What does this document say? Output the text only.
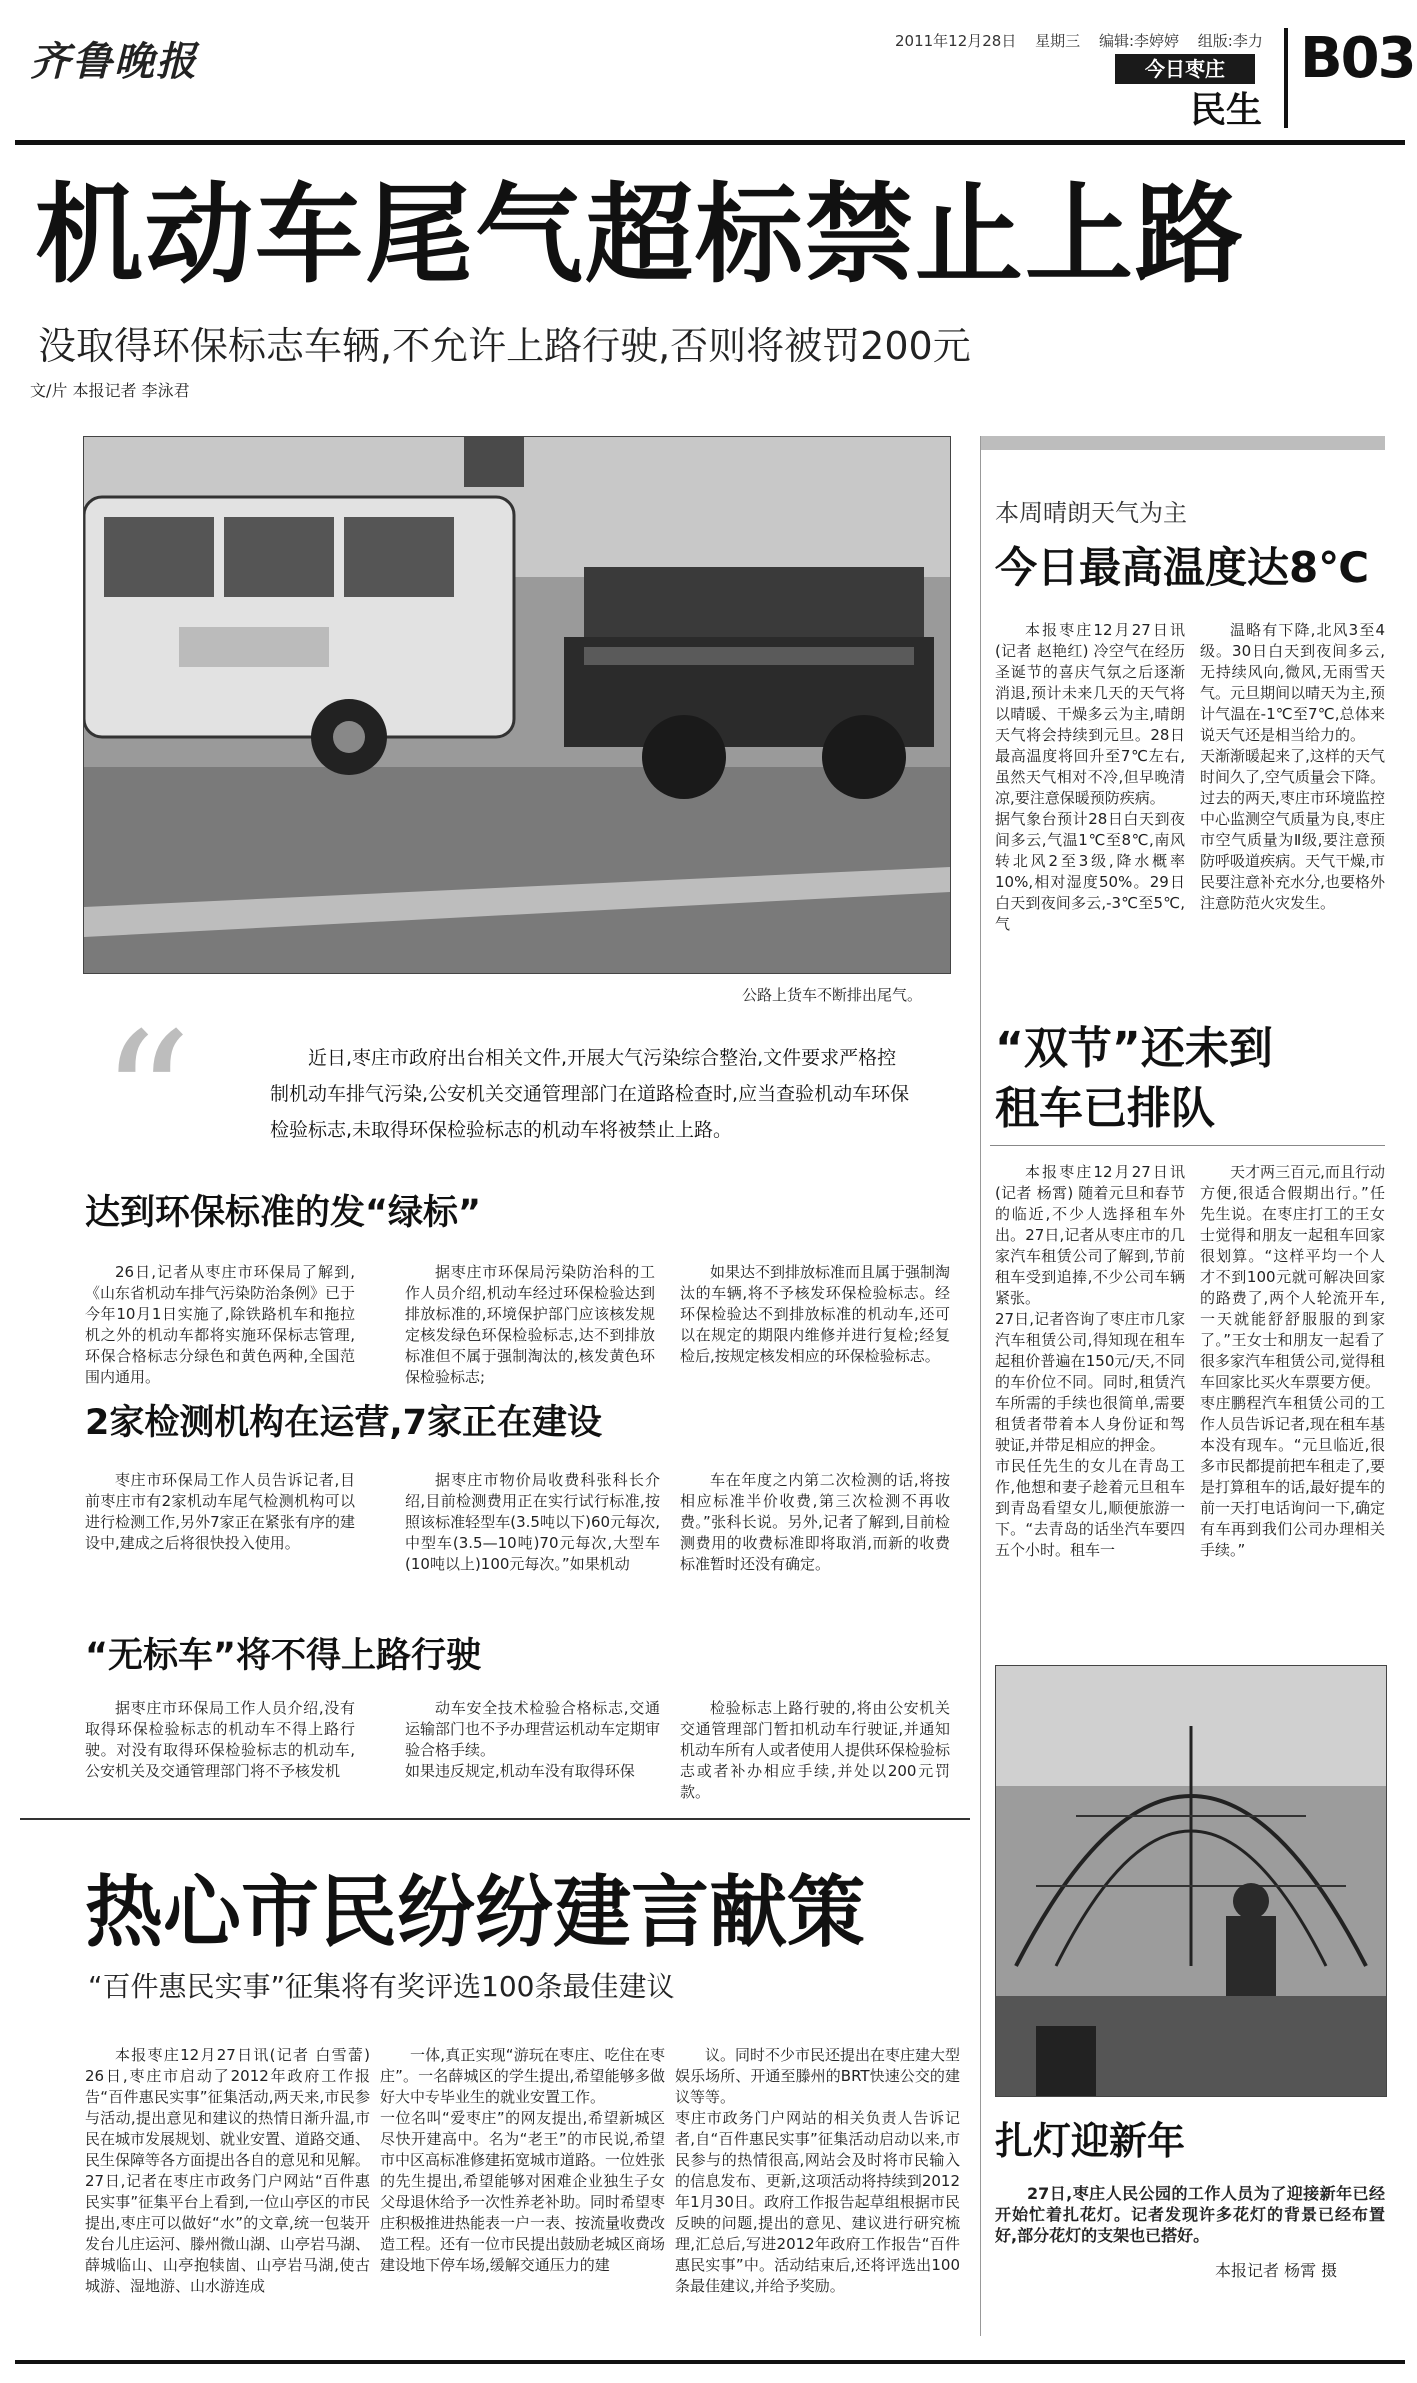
齐鲁晚报	2011年12月28日 星期三 编辑:李婷婷 组版:李力
今日枣庄
民生
B03
机动车尾气超标禁止上路
没取得环保标志车辆,不允许上路行驶,否则将被罚200元
文/片 本报记者 李泳君
公路上货车不断排出尾气。
“	近日,枣庄市政府出台相关文件,开展大气污染综合整治,文件要求严格控制机动车排气污染,公安机关交通管理部门在道路检查时,应当查验机动车环保检验标志,未取得环保检验标志的机动车将被禁止上路。
达到环保标准的发“绿标”
26日,记者从枣庄市环保局了解到,《山东省机动车排气污染防治条例》已于今年10月1日实施了,除铁路机车和拖拉机之外的机动车都将实施环保标志管理,环保合格标志分绿色和黄色两种,全国范围内通用。
据枣庄市环保局污染防治科的工作人员介绍,机动车经过环保检验达到排放标准的,环境保护部门应该核发规定核发绿色环保检验标志,达不到排放标准但不属于强制淘汰的,核发黄色环保检验标志;
如果达不到排放标准而且属于强制淘汰的车辆,将不予核发环保检验标志。经环保检验达不到排放标准的机动车,还可以在规定的期限内维修并进行复检;经复检后,按规定核发相应的环保检验标志。
2家检测机构在运营,7家正在建设
枣庄市环保局工作人员告诉记者,目前枣庄市有2家机动车尾气检测机构可以进行检测工作,另外7家正在紧张有序的建设中,建成之后将很快投入使用。
据枣庄市物价局收费科张科长介绍,目前检测费用正在实行试行标准,按照该标准轻型车(3.5吨以下)60元每次,中型车(3.5—10吨)70元每次,大型车(10吨以上)100元每次。”如果机动
车在年度之内第二次检测的话,将按相应标准半价收费,第三次检测不再收费。”张科长说。另外,记者了解到,目前检测费用的收费标准即将取消,而新的收费标准暂时还没有确定。
“无标车”将不得上路行驶
据枣庄市环保局工作人员介绍,没有取得环保检验标志的机动车不得上路行驶。对没有取得环保检验标志的机动车,公安机关及交通管理部门将不予核发机
动车安全技术检验合格标志,交通运输部门也不予办理营运机动车定期审验合格手续。
如果违反规定,机动车没有取得环保
检验标志上路行驶的,将由公安机关交通管理部门暂扣机动车行驶证,并通知机动车所有人或者使用人提供环保检验标志或者补办相应手续,并处以200元罚款。
本周晴朗天气为主
今日最高温度达8℃
本报枣庄12月27日讯(记者 赵艳红) 冷空气在经历圣诞节的喜庆气氛之后逐渐消退,预计未来几天的天气将以晴暖、干燥多云为主,晴朗天气将会持续到元旦。28日最高温度将回升至7℃左右,虽然天气相对不冷,但早晚清凉,要注意保暖预防疾病。
据气象台预计28日白天到夜间多云,气温1℃至8℃,南风转北风2至3级,降水概率10%,相对湿度50%。29日白天到夜间多云,-3℃至5℃,气
温略有下降,北风3至4级。30日白天到夜间多云,无持续风向,微风,无雨雪天气。元旦期间以晴天为主,预计气温在-1℃至7℃,总体来说天气还是相当给力的。
天渐渐暖起来了,这样的天气时间久了,空气质量会下降。过去的两天,枣庄市环境监控中心监测空气质量为良,枣庄市空气质量为Ⅱ级,要注意预防呼吸道疾病。天气干燥,市民要注意补充水分,也要格外注意防范火灾发生。
“双节”还未到
租车已排队
本报枣庄12月27日讯(记者 杨霄) 随着元旦和春节的临近,不少人选择租车外出。27日,记者从枣庄市的几家汽车租赁公司了解到,节前租车受到追捧,不少公司车辆紧张。
27日,记者咨询了枣庄市几家汽车租赁公司,得知现在租车起租价普遍在150元/天,不同的车价位不同。同时,租赁汽车所需的手续也很简单,需要租赁者带着本人身份证和驾驶证,并带足相应的押金。
市民任先生的女儿在青岛工作,他想和妻子趁着元旦租车到青岛看望女儿,顺便旅游一下。“去青岛的话坐汽车要四五个小时。租车一
天才两三百元,而且行动方便,很适合假期出行。”任先生说。在枣庄打工的王女士觉得和朋友一起租车回家很划算。“这样平均一个人才不到100元就可解决回家的路费了,两个人轮流开车,一天就能舒舒服服的到家了。”王女士和朋友一起看了很多家汽车租赁公司,觉得租车回家比买火车票要方便。
枣庄鹏程汽车租赁公司的工作人员告诉记者,现在租车基本没有现车。“元旦临近,很多市民都提前把车租走了,要是打算租车的话,最好提车的前一天打电话询问一下,确定有车再到我们公司办理相关手续。”
扎灯迎新年
27日,枣庄人民公园的工作人员为了迎接新年已经开始忙着扎花灯。记者发现许多花灯的背景已经布置好,部分花灯的支架也已搭好。
本报记者 杨霄 摄
热心市民纷纷建言献策
“百件惠民实事”征集将有奖评选100条最佳建议
本报枣庄12月27日讯(记者 白雪蕾) 26日,枣庄市启动了2012年政府工作报告“百件惠民实事”征集活动,两天来,市民参与活动,提出意见和建议的热情日渐升温,市民在城市发展规划、就业安置、道路交通、民生保障等各方面提出各自的意见和见解。
27日,记者在枣庄市政务门户网站“百件惠民实事”征集平台上看到,一位山亭区的市民提出,枣庄可以做好“水”的文章,统一包装开发台儿庄运河、滕州微山湖、山亭岩马湖、薛城临山、山亭抱犊崮、山亭岩马湖,使古城游、湿地游、山水游连成
一体,真正实现“游玩在枣庄、吃住在枣庄”。一名薛城区的学生提出,希望能够多做好大中专毕业生的就业安置工作。
一位名叫“爱枣庄”的网友提出,希望新城区尽快开建高中。名为“老王”的市民说,希望市中区高标准修建拓宽城市道路。一位姓张的先生提出,希望能够对困难企业独生子女父母退休给予一次性养老补助。同时希望枣庄积极推进热能表一户一表、按流量收费改造工程。还有一位市民提出鼓励老城区商场建设地下停车场,缓解交通压力的建
议。同时不少市民还提出在枣庄建大型娱乐场所、开通至滕州的BRT快速公交的建议等等。
枣庄市政务门户网站的相关负责人告诉记者,自“百件惠民实事”征集活动启动以来,市民参与的热情很高,网站会及时将市民输入的信息发布、更新,这项活动将持续到2012年1月30日。政府工作报告起草组根据市民反映的问题,提出的意见、建议进行研究梳理,汇总后,写进2012年政府工作报告“百件惠民实事”中。活动结束后,还将评选出100条最佳建议,并给予奖励。
